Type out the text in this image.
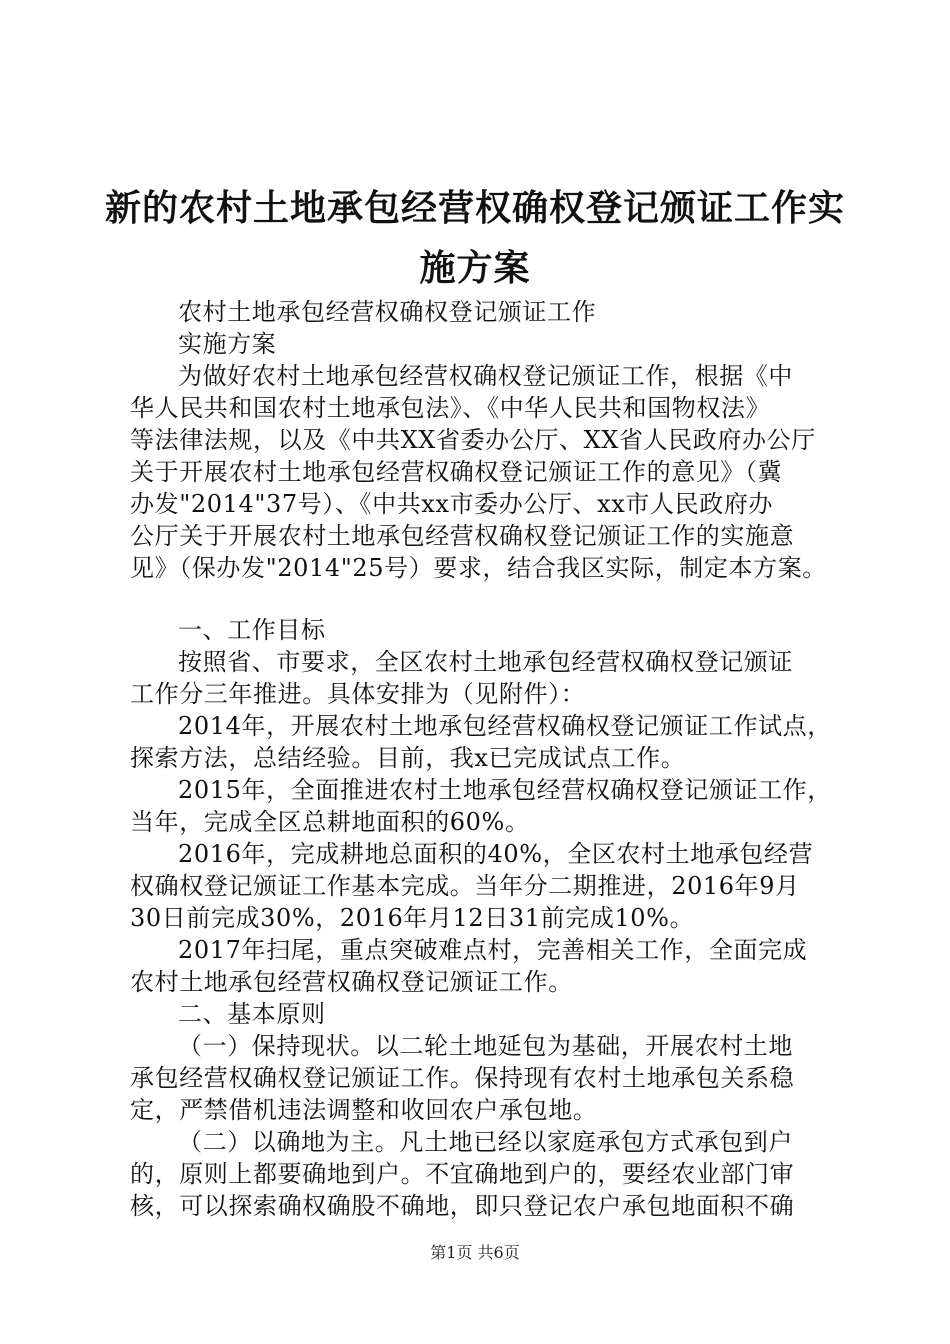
新的农村土地承包经营权确权登记颁证工作实
施方案
农村土地承包经营权确权登记颁证工作
实施方案
为做好农村土地承包经营权确权登记颁证工作，根据《中
华人民共和国农村土地承包法》、《中华人民共和国物权法》
等法律法规，以及《中共XX省委办公厅、XX省人民政府办公厅
关于开展农村土地承包经营权确权登记颁证工作的意见》（冀
办发"2014"37号）、《中共xx市委办公厅、xx市人民政府办
公厅关于开展农村土地承包经营权确权登记颁证工作的实施意
见》（保办发"2014"25号）要求，结合我区实际，制定本方案。
一、工作目标
按照省、市要求，全区农村土地承包经营权确权登记颁证
工作分三年推进。具体安排为（见附件）：
2014年，开展农村土地承包经营权确权登记颁证工作试点，
探索方法，总结经验。目前，我x已完成试点工作。
2015年，全面推进农村土地承包经营权确权登记颁证工作，
当年，完成全区总耕地面积的60%。
2016年，完成耕地总面积的40%，全区农村土地承包经营
权确权登记颁证工作基本完成。当年分二期推进，2016年9月
30日前完成30%，2016年月12日31前完成10%。
2017年扫尾，重点突破难点村，完善相关工作，全面完成
农村土地承包经营权确权登记颁证工作。
二、基本原则
（一）保持现状。以二轮土地延包为基础，开展农村土地
承包经营权确权登记颁证工作。保持现有农村土地承包关系稳
定，严禁借机违法调整和收回农户承包地。
（二）以确地为主。凡土地已经以家庭承包方式承包到户
的，原则上都要确地到户。不宜确地到户的，要经农业部门审
核，可以探索确权确股不确地，即只登记农户承包地面积不确
第1页 共6页
